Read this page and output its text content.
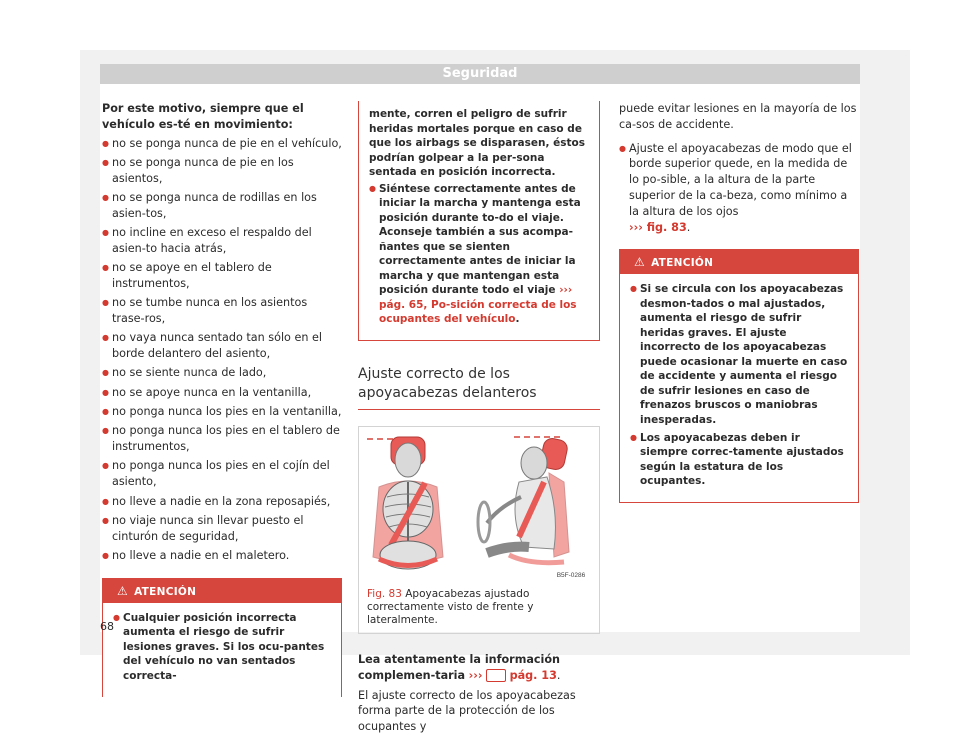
Seguridad

Por este motivo, siempre que el vehículo es-té en movimiento:

● no se ponga nunca de pie en el vehículo,
● no se ponga nunca de pie en los asientos,
● no se ponga nunca de rodillas en los asien-tos,
● no incline en exceso el respaldo del asien-to hacia atrás,
● no se apoye en el tablero de instrumentos,
● no se tumbe nunca en los asientos trase-ros,
● no vaya nunca sentado tan sólo en el borde delantero del asiento,
● no se siente nunca de lado,
● no se apoye nunca en la ventanilla,
● no ponga nunca los pies en la ventanilla,
● no ponga nunca los pies en el tablero de instrumentos,
● no ponga nunca los pies en el cojín del asiento,
● no lleve a nadie en la zona reposapiés,
● no viaje nunca sin llevar puesto el cinturón de seguridad,
● no lleve a nadie en el maletero.
⚠ ATENCIÓN
● Cualquier posición incorrecta aumenta el riesgo de sufrir lesiones graves. Si los ocu-pantes del vehículo no van sentados correcta-

mente, corren el peligro de sufrir heridas mortales porque en caso de que los airbags se disparasen, éstos podrían golpear a la per-sona sentada en posición incorrecta.

● Siéntese correctamente antes de iniciar la marcha y mantenga esta posición durante to-do el viaje. Aconseje también a sus acompa-ñantes que se sienten correctamente antes de iniciar la marcha y que mantengan esta posición durante todo el viaje ››› pág. 65, Po-sición correcta de los ocupantes del vehículo.
Ajuste correcto de los apoyacabezas delanteros
B5F-0286
Fig. 83 Apoyacabezas ajustado correctamente visto de frente y lateralmente.

Lea atentamente la información complemen-taria ››› pág. 13.

El ajuste correcto de los apoyacabezas forma parte de la protección de los ocupantes y

puede evitar lesiones en la mayoría de los ca-sos de accidente.

● Ajuste el apoyacabezas de modo que el borde superior quede, en la medida de lo po-sible, a la altura de la parte superior de la ca-beza, como mínimo a la altura de los ojos
››› fig. 83.
⚠ ATENCIÓN
● Si se circula con los apoyacabezas desmon-tados o mal ajustados, aumenta el riesgo de sufrir heridas graves. El ajuste incorrecto de los apoyacabezas puede ocasionar la muerte en caso de accidente y aumenta el riesgo de sufrir lesiones en caso de frenazos bruscos o maniobras inesperadas.
● Los apoyacabezas deben ir siempre correc-tamente ajustados según la estatura de los ocupantes.
68
